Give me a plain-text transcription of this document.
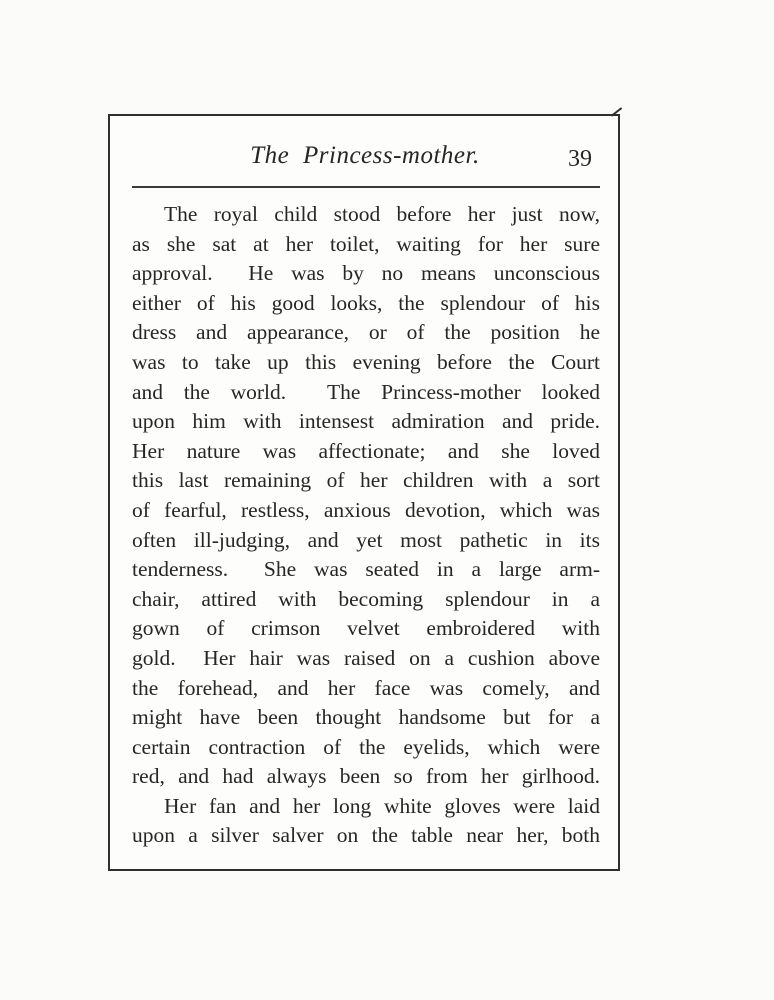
The Princess-mother.	39
The royal child stood before her just now,
as she sat at her toilet, waiting for her sure
approval.  He was by no means unconscious
either of his good looks, the splendour of his
dress and appearance, or of the position he
was to take up this evening before the Court
and the world.  The Princess-mother looked
upon him with intensest admiration and pride.
Her nature was affectionate; and she loved
this last remaining of her children with a sort
of fearful, restless, anxious devotion, which was
often ill-judging, and yet most pathetic in its
tenderness.  She was seated in a large arm-
chair, attired with becoming splendour in a
gown of crimson velvet embroidered with
gold.  Her hair was raised on a cushion above
the forehead, and her face was comely, and
might have been thought handsome but for a
certain contraction of the eyelids, which were
red, and had always been so from her girlhood.
Her fan and her long white gloves were laid
upon a silver salver on the table near her, both
